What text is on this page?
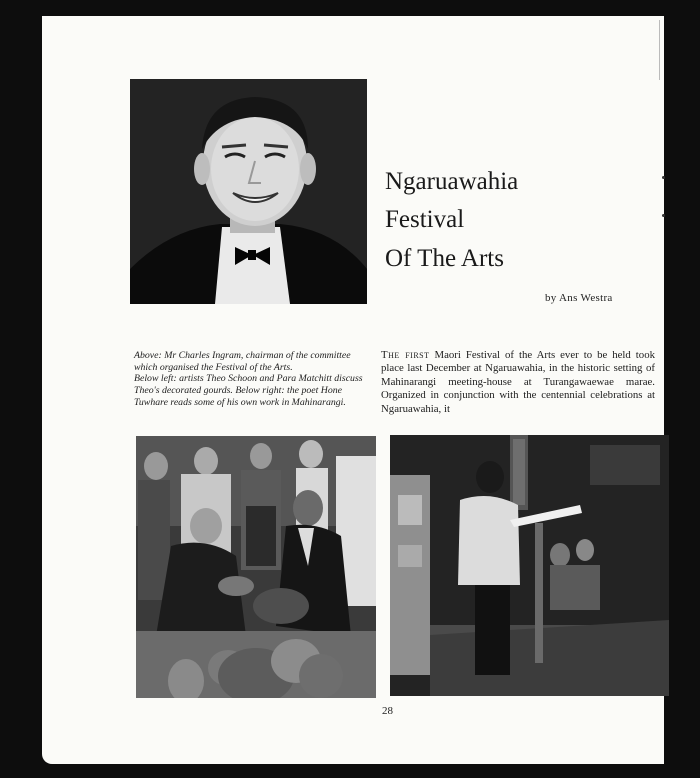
Ngaruawahia
Festival
Of The Arts
by Ans Westra

Above: Mr Charles Ingram, chairman of the committee which organised the Festival of the Arts.

Below left: artists Theo Schoon and Para Matchitt discuss Theo's decorated gourds. Below right: the poet Hone Tuwhare reads some of his own work in Mahinarangi.

The first Maori Festival of the Arts ever to be held took place last December at Ngaruawahia, in the historic setting of Mahinarangi meeting-house at Turangawaewae marae. Organized in conjunction with the centennial celebrations at Ngaruawahia, it

28
